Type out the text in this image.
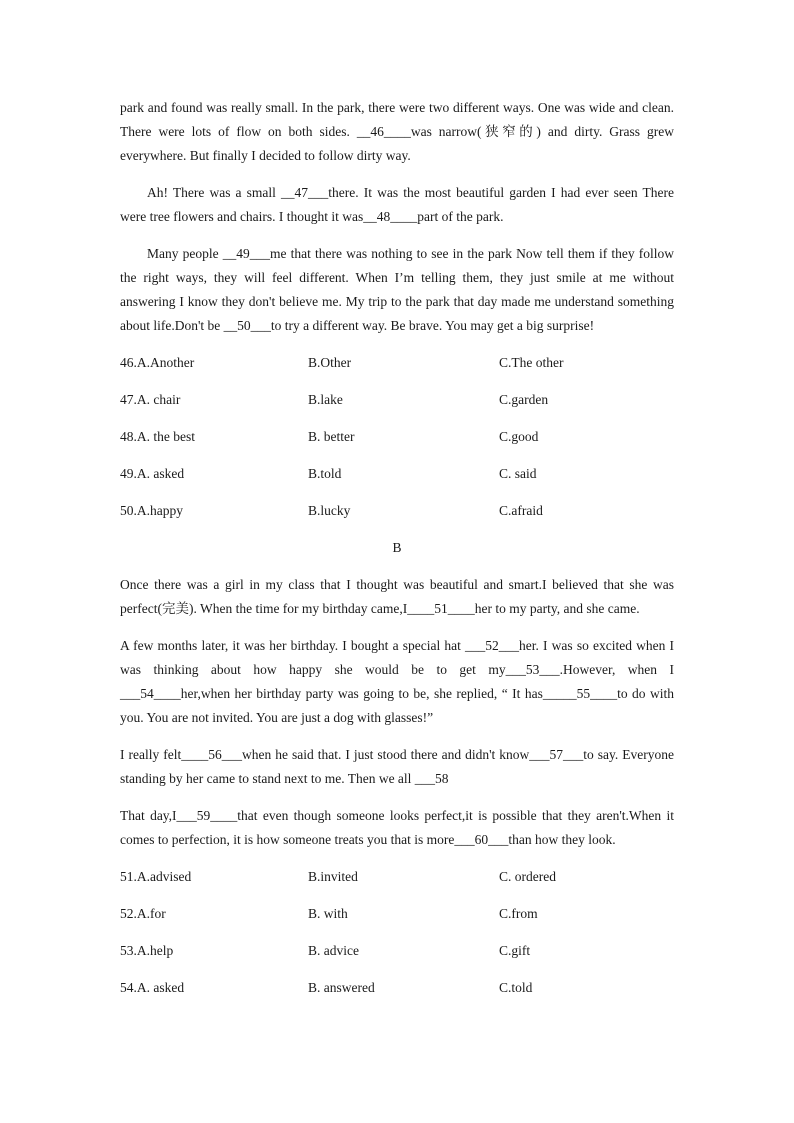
park and found was really small. In the park, there were two different ways. One was wide and clean. There were lots of flow on both sides. __46____was narrow(狭窄的) and dirty. Grass grew everywhere. But finally I decided to follow dirty way.

Ah! There was a small __47___there. It was the most beautiful garden I had ever seen There were tree flowers and chairs. I thought it was__48____part of the park.

Many people __49___me that there was nothing to see in the park Now tell them if they follow the right ways, they will feel different. When I’m telling them, they just smile at me without answering I know they don't believe me. My trip to the park that day made me understand something about life.Don't be __50___to try a different way. Be brave. You may get a big surprise!

46.A.Another	B.Other	C.The other
47.A. chair	B.lake	C.garden
48.A. the best	B. better	C.good
49.A. asked	B.told	C. said
50.A.happy	B.lucky	C.afraid

B

Once there was a girl in my class that I thought was beautiful and smart.I believed that she was perfect(完美). When the time for my birthday came,I____51____her to my party, and she came.

A few months later, it was her birthday. I bought a special hat ___52___her. I was so excited when I was thinking about how happy she would be to get my___53___.However, when I ___54____her,when her birthday party was going to be, she replied, “ It has_____55____to do with you. You are not invited. You are just a dog with glasses!”

I really felt____56___when he said that. I just stood there and didn't know___57___to say. Everyone standing by her came to stand next to me. Then we all ___58

That day,I___59____that even though someone looks perfect,it is possible that they aren't.When it comes to perfection, it is how someone treats you that is more___60___than how they look.

51.A.advised	B.invited	C. ordered
52.A.for	B. with	C.from
53.A.help	B. advice	C.gift
54.A. asked	B. answered	C.told
